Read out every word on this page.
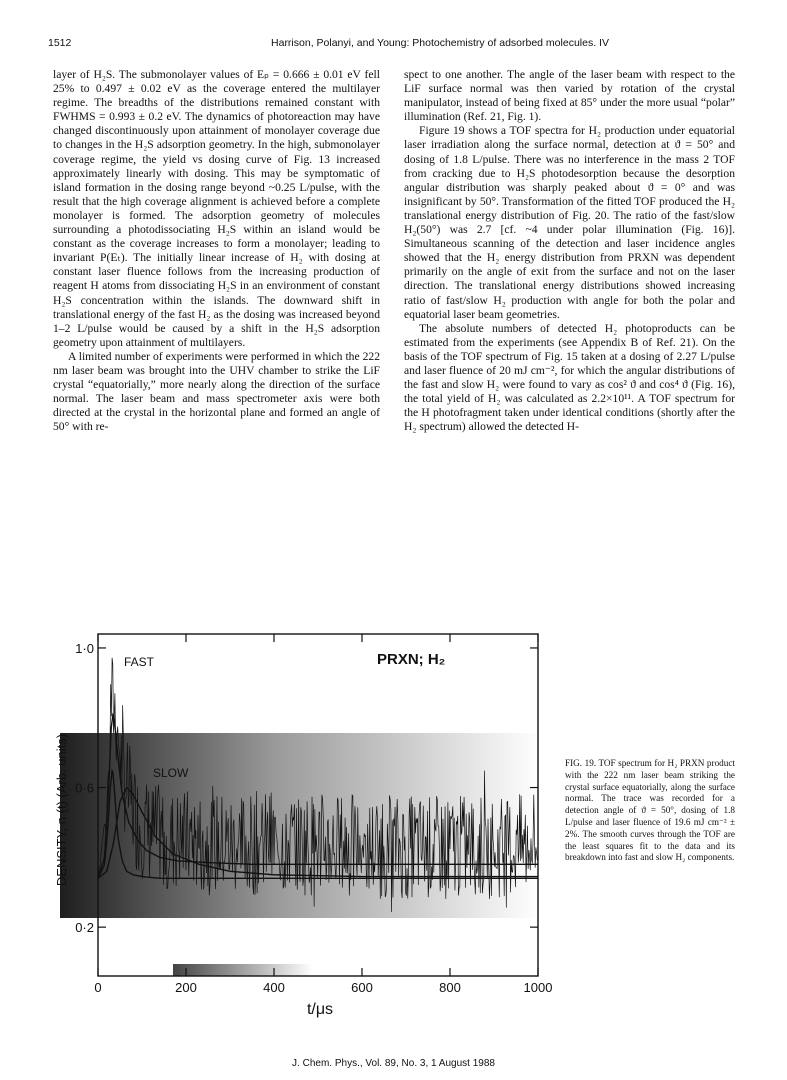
1512	Harrison, Polanyi, and Young: Photochemistry of adsorbed molecules. IV

layer of H₂S. The submonolayer values of Eₚ = 0.666 ± 0.01 eV fell 25% to 0.497 ± 0.02 eV as the coverage entered the multilayer regime. The breadths of the distributions remained constant with FWHMS = 0.993 ± 0.2 eV. The dynamics of photoreaction may have changed discontinuously upon attainment of monolayer coverage due to changes in the H₂S adsorption geometry. In the high, submonolayer coverage regime, the yield vs dosing curve of Fig. 13 increased approximately linearly with dosing. This may be symptomatic of island formation in the dosing range beyond ~0.25 L/pulse, with the result that the high coverage alignment is achieved before a complete monolayer is formed. The adsorption geometry of molecules surrounding a photodissociating H₂S within an island would be constant as the coverage increases to form a monolayer; leading to invariant P(Eₜ). The initially linear increase of H₂ with dosing at constant laser fluence follows from the increasing production of reagent H atoms from dissociating H₂S in an environment of constant H₂S concentration within the islands. The downward shift in translational energy of the fast H₂ as the dosing was increased beyond 1–2 L/pulse would be caused by a shift in the H₂S adsorption geometry upon attainment of multilayers.

A limited number of experiments were performed in which the 222 nm laser beam was brought into the UHV chamber to strike the LiF crystal “equatorially,” more nearly along the direction of the surface normal. The laser beam and mass spectrometer axis were both directed at the crystal in the horizontal plane and formed an angle of 50° with re-

spect to one another. The angle of the laser beam with respect to the LiF surface normal was then varied by rotation of the crystal manipulator, instead of being fixed at 85° under the more usual “polar” illumination (Ref. 21, Fig. 1).

Figure 19 shows a TOF spectra for H₂ production under equatorial laser irradiation along the surface normal, detection at ϑ = 50° and dosing of 1.8 L/pulse. There was no interference in the mass 2 TOF from cracking due to H₂S photodesorption because the desorption angular distribution was sharply peaked about ϑ = 0° and was insignificant by 50°. Transformation of the fitted TOF produced the H₂ translational energy distribution of Fig. 20. The ratio of the fast/slow H₂(50°) was 2.7 [cf. ~4 under polar illumination (Fig. 16)]. Simultaneous scanning of the detection and laser incidence angles showed that the H₂ energy distribution from PRXN was dependent primarily on the angle of exit from the surface and not on the laser direction. The translational energy distributions showed increasing ratio of fast/slow H₂ production with angle for both the polar and equatorial laser beam geometries.

The absolute numbers of detected H₂ photoproducts can be estimated from the experiments (see Appendix B of Ref. 21). On the basis of the TOF spectrum of Fig. 15 taken at a dosing of 2.27 L/pulse and laser fluence of 20 mJ cm⁻², for which the angular distributions of the fast and slow H₂ were found to vary as cos² ϑ and cos⁴ ϑ (Fig. 16), the total yield of H₂ was calculated as 2.2×10¹¹. A TOF spectrum for the H photofragment taken under identical conditions (shortly after the H₂ spectrum) allowed the detected H-

0·2
0·6
1·0
0	200	400	600	800	1000
PRXN; H₂
FAST
SLOW
DENSITY, n (t) (Arb. units)
t/μs
FIG. 19. TOF spectrum for H₂ PRXN product with the 222 nm laser beam striking the crystal surface equatorially, along the surface normal. The trace was recorded for a detection angle of ϑ = 50°, dosing of 1.8 L/pulse and laser fluence of 19.6 mJ cm⁻² ± 2%. The smooth curves through the TOF are the least squares fit to the data and its breakdown into fast and slow H₂ components.
J. Chem. Phys., Vol. 89, No. 3, 1 August 1988
